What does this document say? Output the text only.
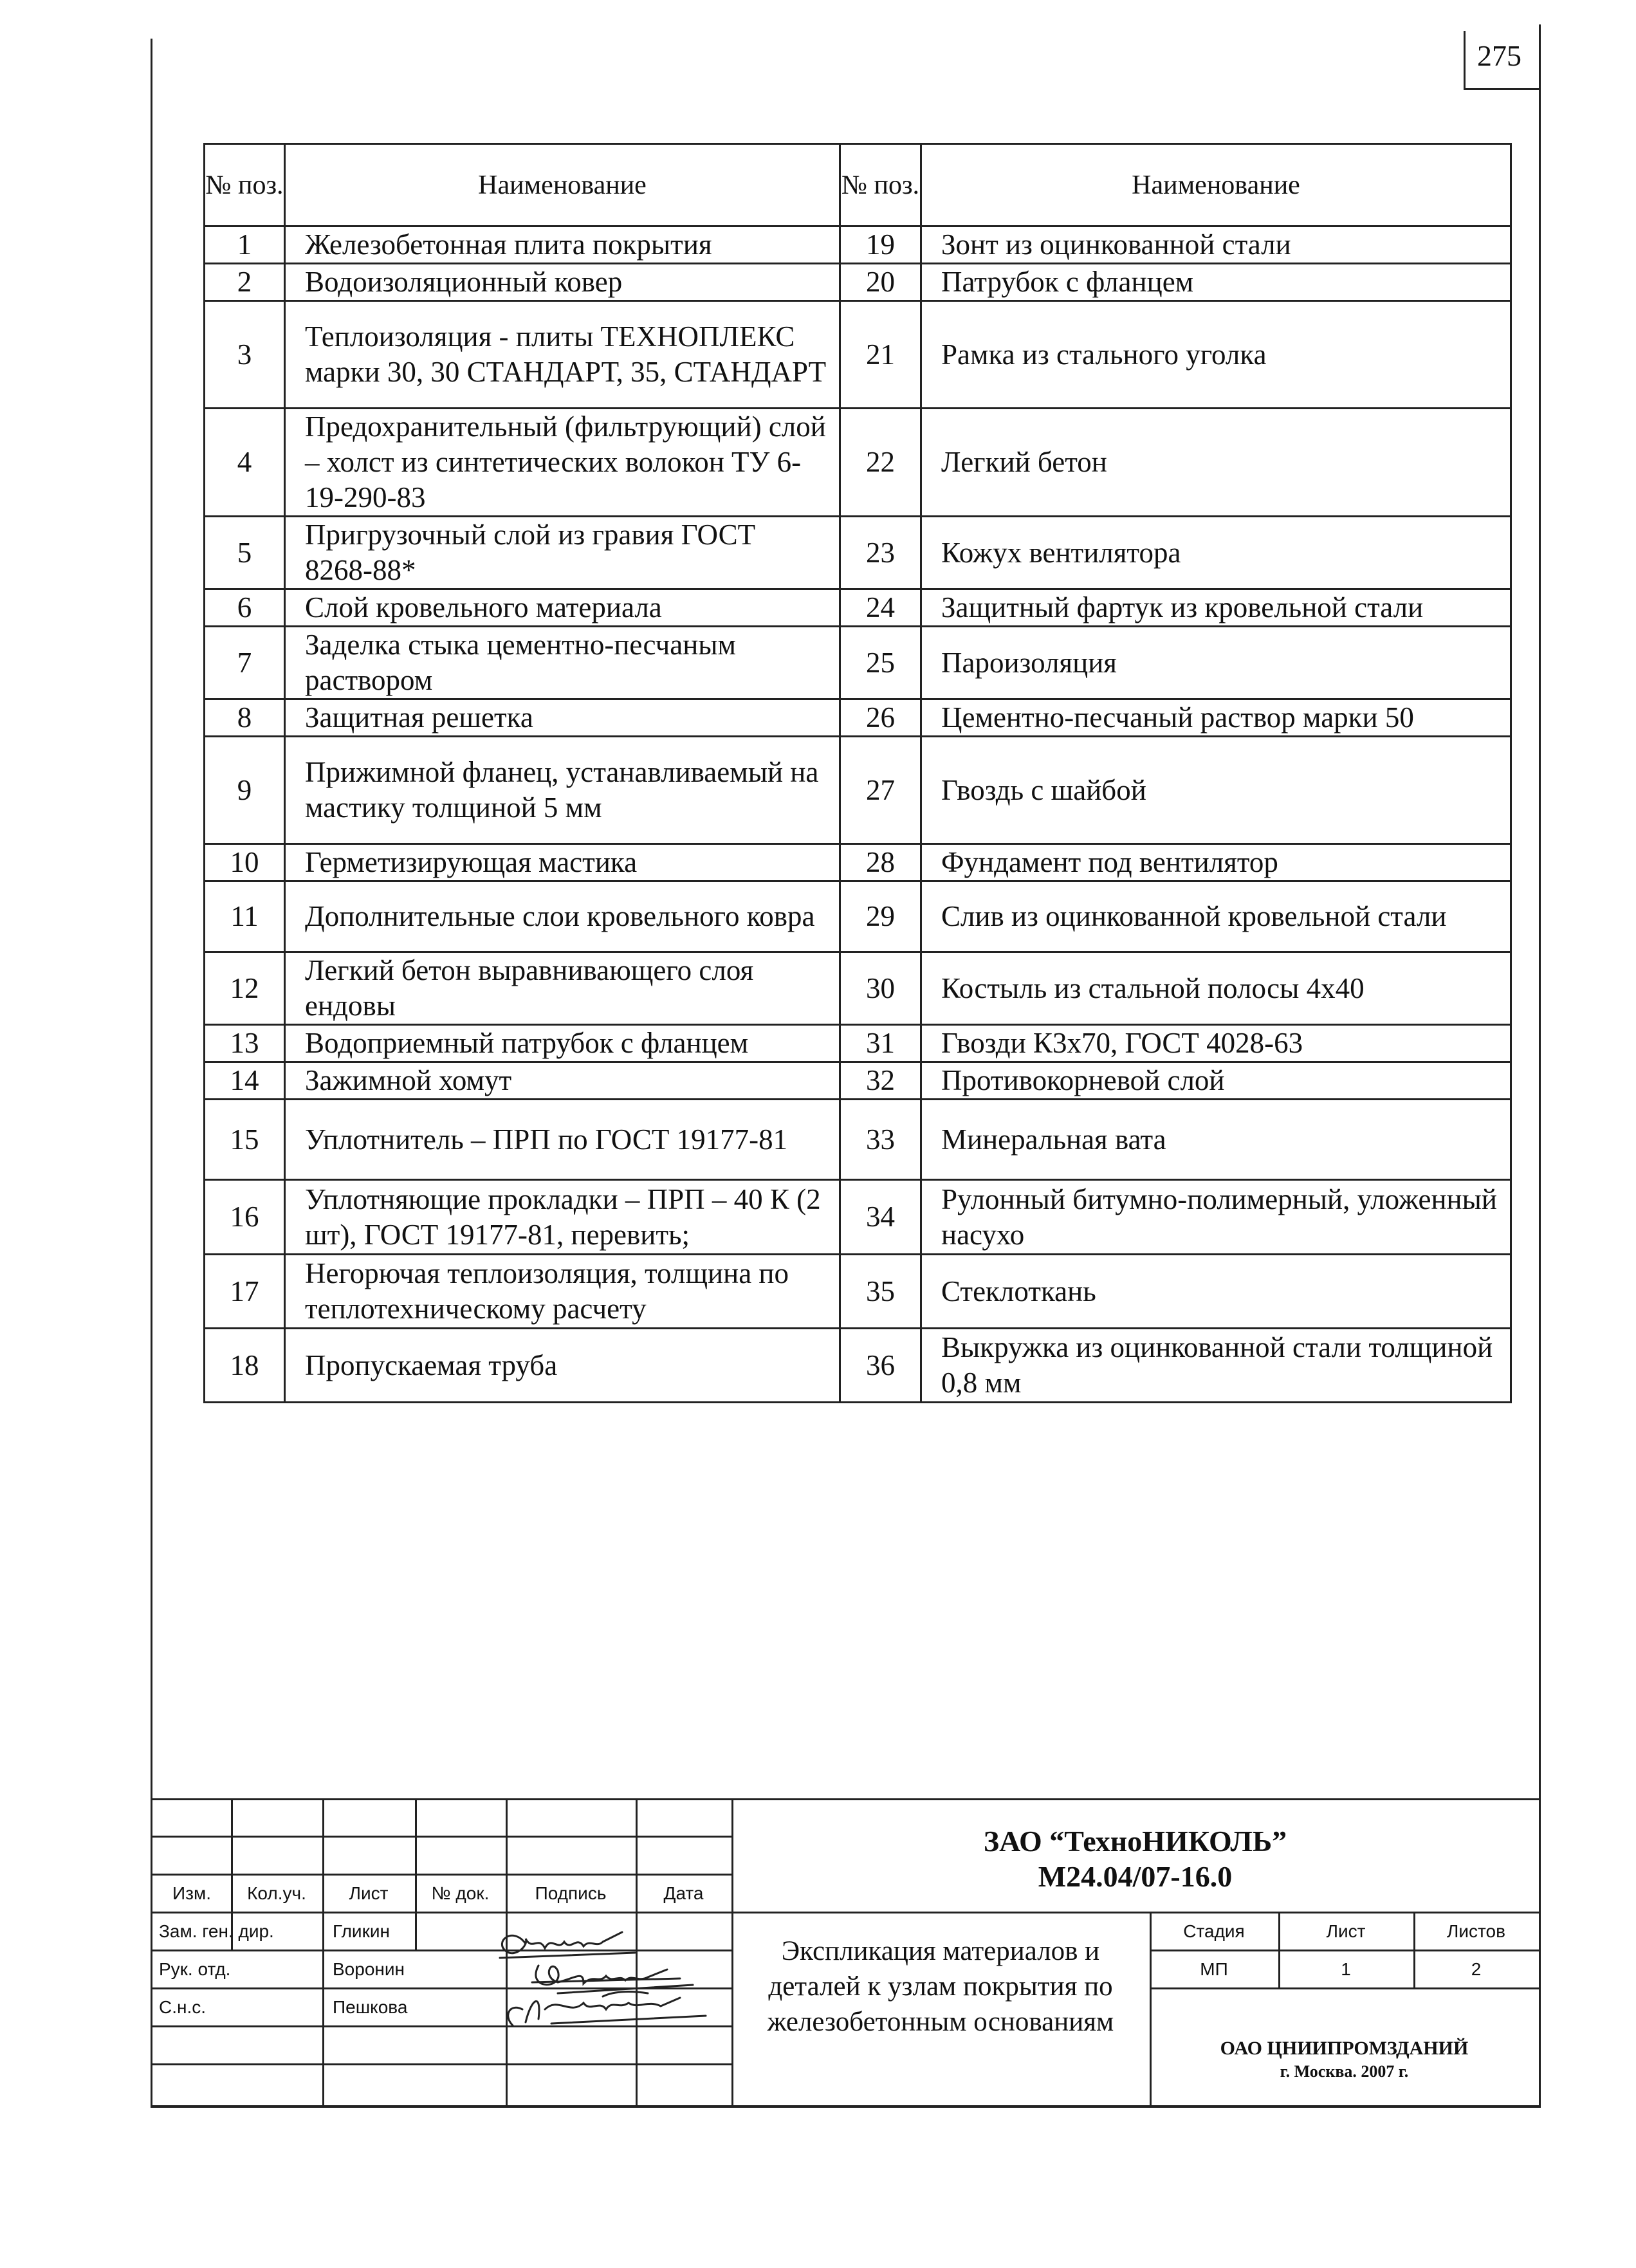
275
№ поз.	Наименование	№ поз.	Наименование
1	Железобетонная плита покрытия	19	Зонт из оцинкованной стали
2	Водоизоляционный ковер	20	Патрубок с фланцем
3	Теплоизоляция - плиты ТЕХНОПЛЕКС марки 30, 30 СТАНДАРТ, 35, СТАНДАРТ	21	Рамка из стального уголка
4	Предохранительный (фильтрующий) слой – холст из синтетических волокон ТУ 6-19-290-83	22	Легкий бетон
5	Пригрузочный слой из гравия ГОСТ 8268-88*	23	Кожух вентилятора
6	Слой кровельного материала	24	Защитный фартук из кровельной стали
7	Заделка стыка цементно-песчаным раствором	25	Пароизоляция
8	Защитная решетка	26	Цементно-песчаный раствор марки 50
9	Прижимной фланец, устанавливаемый на мастику толщиной 5 мм	27	Гвоздь с шайбой
10	Герметизирующая мастика	28	Фундамент под вентилятор
11	Дополнительные слои кровельного ковра	29	Слив из оцинкованной кровельной стали
12	Легкий бетон выравнивающего слоя ендовы	30	Костыль из стальной полосы 4х40
13	Водоприемный патрубок с фланцем	31	Гвозди К3х70, ГОСТ 4028-63
14	Зажимной хомут	32	Противокорневой слой
15	Уплотнитель – ПРП по ГОСТ 19177-81	33	Минеральная вата
16	Уплотняющие прокладки – ПРП – 40 К (2 шт), ГОСТ 19177-81, перевить;	34	Рулонный битумно-полимерный, уложенный насухо
17	Негорючая теплоизоляция, толщина по теплотехническому расчету	35	Стеклоткань
18	Пропускаемая труба	36	Выкружка из оцинкованной стали толщиной 0,8 мм
Изм.	Кол.уч.	Лист	№ док.	Подпись	Дата
Зам. ген. дир.	Гликин
Рук. отд.	Воронин
С.н.с.	Пешкова
ЗАО “ТехноНИКОЛЬ”
М24.04/07-16.0
Экспликация материалов и деталей к узлам покрытия по железобетонным основаниям
Стадия	Лист	Листов
МП	1	2
ОАО ЦНИИПРОМЗДАНИЙ
г. Москва. 2007 г.
